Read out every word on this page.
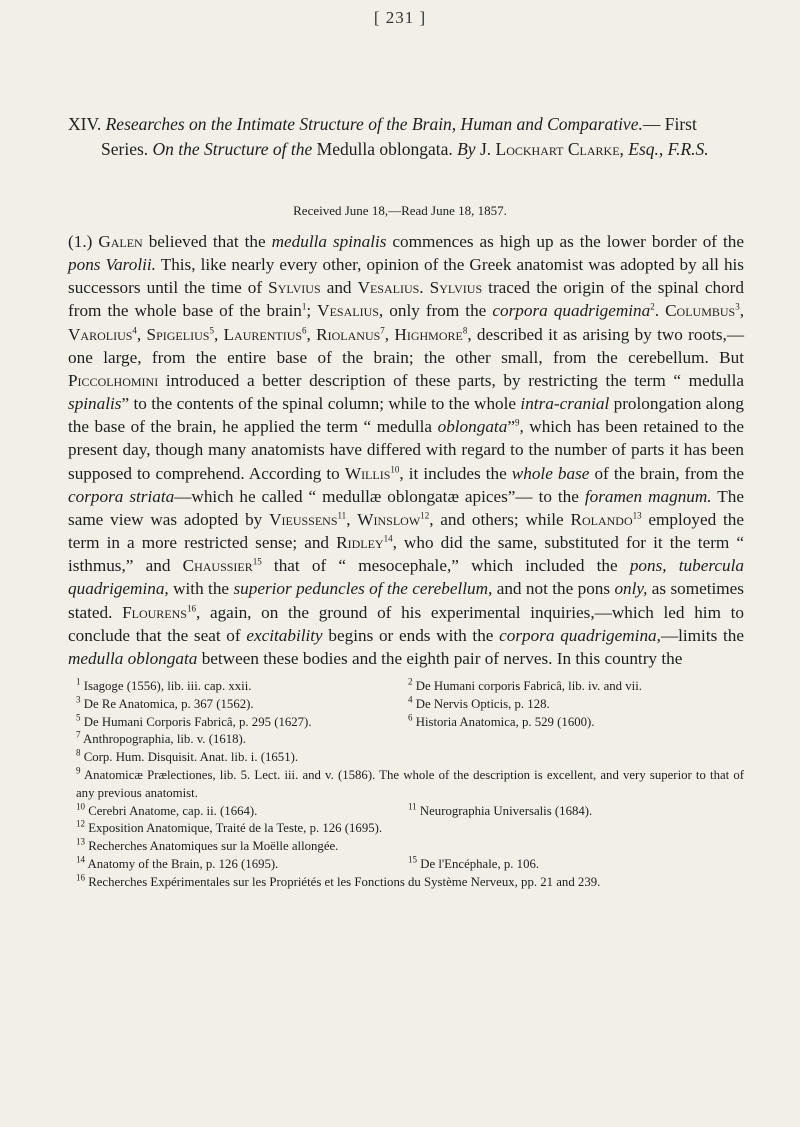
[ 231 ]
XIV. Researches on the Intimate Structure of the Brain, Human and Comparative.— First Series. On the Structure of the Medulla oblongata. By J. Lockhart Clarke, Esq., F.R.S.
Received June 18,—Read June 18, 1857.

(1.) Galen believed that the medulla spinalis commences as high up as the lower border of the pons Varolii. This, like nearly every other, opinion of the Greek anatomist was adopted by all his successors until the time of Sylvius and Vesalius. Sylvius traced the origin of the spinal chord from the whole base of the brain$^1$; Vesalius, only from the corpora quadrigemina$^2$. Columbus$^3$, Varolius$^4$, Spigelius$^5$, Laurentius$^6$, Riolanus$^7$, Highmore$^8$, described it as arising by two roots,—one large, from the entire base of the brain; the other small, from the cerebellum. But Piccolhomini introduced a better description of these parts, by restricting the term “ medulla spinalis” to the contents of the spinal column; while to the whole intra-cranial prolongation along the base of the brain, he applied the term “ medulla oblongata”$^9$, which has been retained to the present day, though many anatomists have differed with regard to the number of parts it has been supposed to comprehend. According to Willis$^{10}$, it includes the whole base of the brain, from the corpora striata—which he called “ medullæ oblongatæ apices”— to the foramen magnum. The same view was adopted by Vieussens$^{11}$, Winslow$^{12}$, and others; while Rolando$^{13}$ employed the term in a more restricted sense; and Ridley$^{14}$, who did the same, substituted for it the term “ isthmus,” and Chaussier$^{15}$ that of “ mesocephale,” which included the pons, tubercula quadrigemina, with the superior peduncles of the cerebellum, and not the pons only, as sometimes stated. Flourens$^{16}$, again, on the ground of his experimental inquiries,—which led him to conclude that the seat of excitability begins or ends with the corpora quadrigemina,—limits the medulla oblongata between these bodies and the eighth pair of nerves. In this country the

$^1$ Isagoge (1556), lib. iii. cap. xxii.	$^2$ De Humani corporis Fabricâ, lib. iv. and vii.
$^3$ De Re Anatomica, p. 367 (1562).	$^4$ De Nervis Opticis, p. 128.
$^5$ De Humani Corporis Fabricâ, p. 295 (1627).	$^6$ Historia Anatomica, p. 529 (1600).
$^7$ Anthropographia, lib. v. (1618).
$^8$ Corp. Hum. Disquisit. Anat. lib. i. (1651).
$^9$ Anatomicæ Prælectiones, lib. 5. Lect. iii. and v. (1586). The whole of the description is excellent, and very superior to that of any previous anatomist.
$^{10}$ Cerebri Anatome, cap. ii. (1664).	$^{11}$ Neurographia Universalis (1684).
$^{12}$ Exposition Anatomique, Traité de la Teste, p. 126 (1695).
$^{13}$ Recherches Anatomiques sur la Moëlle allongée.
$^{14}$ Anatomy of the Brain, p. 126 (1695).	$^{15}$ De l'Encéphale, p. 106.
$^{16}$ Recherches Expérimentales sur les Propriétés et les Fonctions du Système Nerveux, pp. 21 and 239.
